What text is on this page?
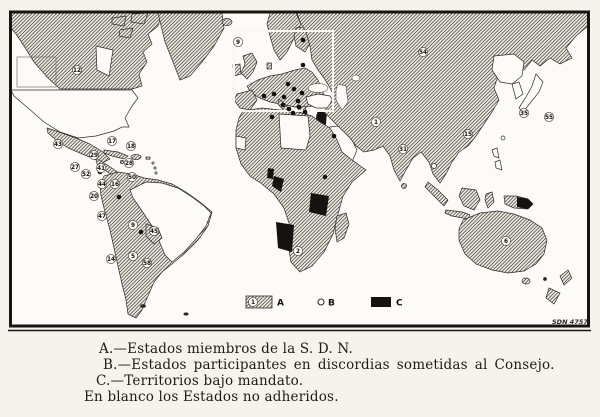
12
9
43	17
18
29
28
41
27
52
44 16
50
20
47
9
45
5
14
58
2
1
31
15
54
35
55
6
1 A	B	C
SDN 4757
A.—Estados miembros de la S. D. N.
B.—Estados participantes en discordias sometidas al Consejo.
C.—Territorios bajo mandato.
En blanco los Estados no adheridos.
